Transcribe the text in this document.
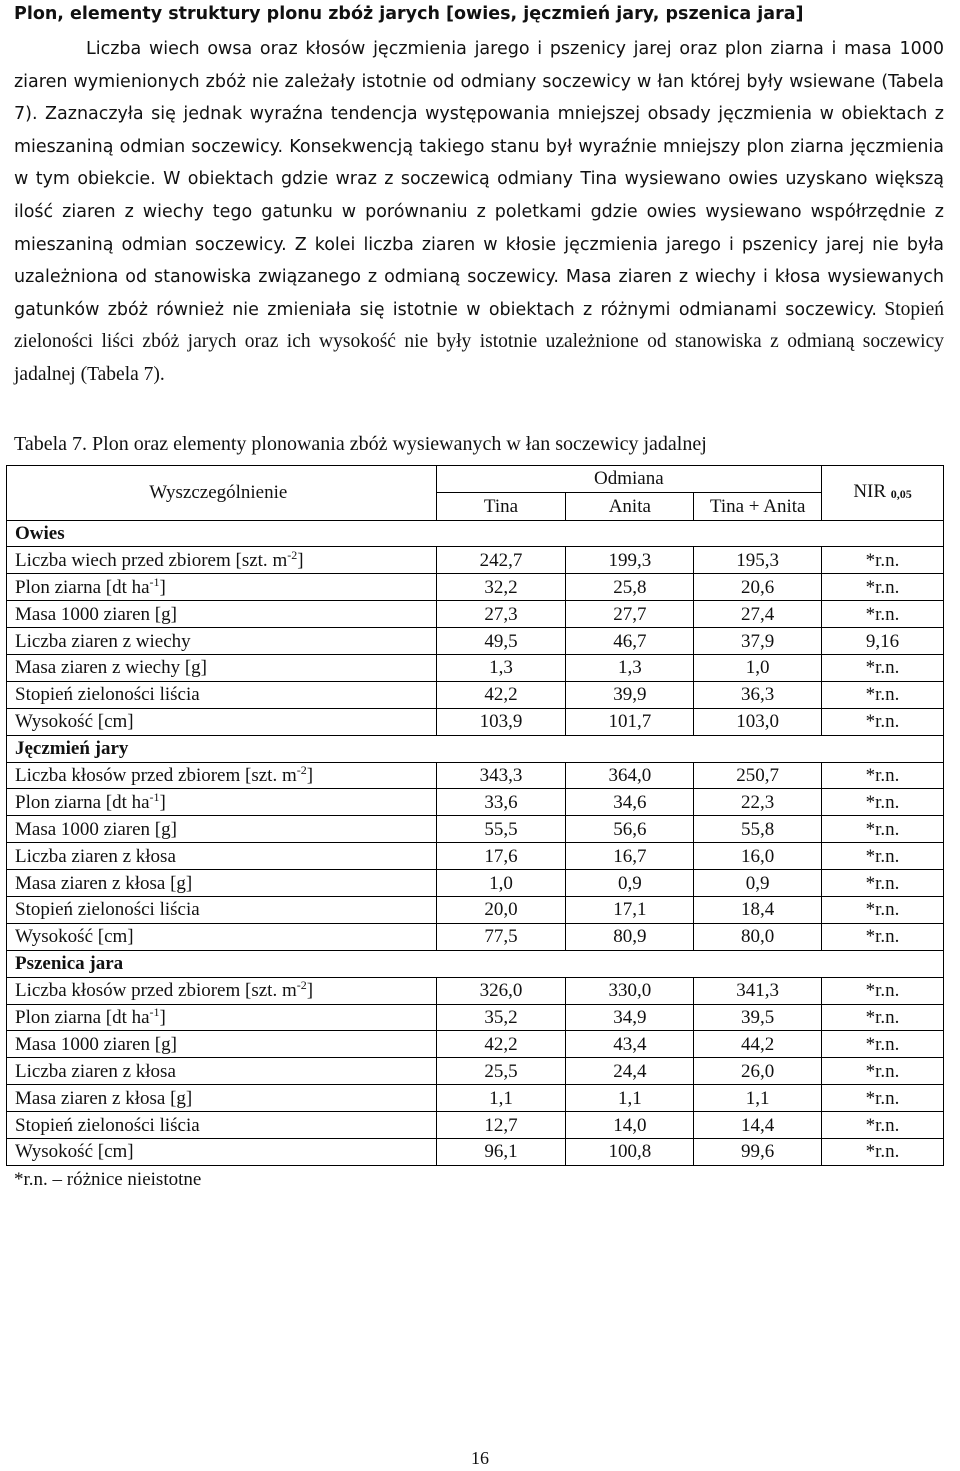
Plon, elementy struktury plonu zbóż jarych [owies, jęczmień jary, pszenica jara]

Liczba wiech owsa oraz kłosów jęczmienia jarego i pszenicy jarej oraz plon ziarna i masa 1000 ziaren wymienionych zbóż nie zależały istotnie od odmiany soczewicy w łan której były wsiewane (Tabela 7). Zaznaczyła się jednak wyraźna tendencja występowania mniejszej obsady jęczmienia w obiektach z mieszaniną odmian soczewicy. Konsekwencją takiego stanu był wyraźnie mniejszy plon ziarna jęczmienia w tym obiekcie. W obiektach gdzie wraz z soczewicą odmiany Tina wysiewano owies uzyskano większą ilość ziaren z wiechy tego gatunku w porównaniu z poletkami gdzie owies wysiewano współrzędnie z mieszaniną odmian soczewicy. Z kolei liczba ziaren w kłosie jęczmienia jarego i pszenicy jarej nie była uzależniona od stanowiska związanego z odmianą soczewicy. Masa ziaren z wiechy i kłosa wysiewanych gatunków zbóż również nie zmieniała się istotnie w obiektach z różnymi odmianami soczewicy. Stopień zieloności liści zbóż jarych oraz ich wysokość nie były istotnie uzależnione od stanowiska z odmianą soczewicy jadalnej (Tabela 7).

Tabela 7. Plon oraz elementy plonowania zbóż wysiewanych w łan soczewicy jadalnej

Wyszczególnienie	Odmiana			NIR $_{0,05}$
	Tina	Anita	Tina + Anita	
Owies				
Liczba wiech przed zbiorem [szt. $m^{-2}$]	242,7	199,3	195,3	*r.n.
Plon ziarna [dt $ha^{-1}$]	32,2	25,8	20,6	*r.n.
Masa 1000 ziaren [g]	27,3	27,7	27,4	*r.n.
Liczba ziaren z wiechy	49,5	46,7	37,9	9,16
Masa ziaren z wiechy [g]	1,3	1,3	1,0	*r.n.
Stopień zieloności liścia	42,2	39,9	36,3	*r.n.
Wysokość [cm]	103,9	101,7	103,0	*r.n.
Jęczmień jary				
Liczba kłosów przed zbiorem [szt. $m^{-2}$]	343,3	364,0	250,7	*r.n.
Plon ziarna [dt $ha^{-1}$]	33,6	34,6	22,3	*r.n.
Masa 1000 ziaren [g]	55,5	56,6	55,8	*r.n.
Liczba ziaren z kłosa	17,6	16,7	16,0	*r.n.
Masa ziaren z kłosa [g]	1,0	0,9	0,9	*r.n.
Stopień zieloności liścia	20,0	17,1	18,4	*r.n.
Wysokość [cm]	77,5	80,9	80,0	*r.n.
Pszenica jara				
Liczba kłosów przed zbiorem [szt. $m^{-2}$]	326,0	330,0	341,3	*r.n.
Plon ziarna [dt $ha^{-1}$]	35,2	34,9	39,5	*r.n.
Masa 1000 ziaren [g]	42,2	43,4	44,2	*r.n.
Liczba ziaren z kłosa	25,5	24,4	26,0	*r.n.
Masa ziaren z kłosa [g]	1,1	1,1	1,1	*r.n.
Stopień zieloności liścia	12,7	14,0	14,4	*r.n.
Wysokość [cm]	96,1	100,8	99,6	*r.n.
*r.n. – różnice nieistotne
16
